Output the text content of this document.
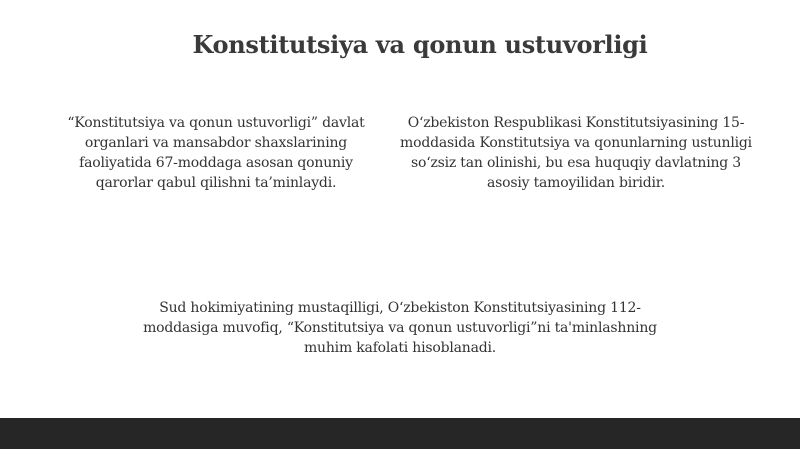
Konstitutsiya va qonun ustuvorligi
“Konstitutsiya va qonun ustuvorligi” davlat organlari va mansabdor shaxslarining faoliyatida 67-moddaga asosan qonuniy qarorlar qabul qilishni ta’minlaydi.
O‘zbekiston Respublikasi Konstitutsiyasining 15-moddasida Konstitutsiya va qonunlarning ustunligi so‘zsiz tan olinishi, bu esa huquqiy davlatning 3 asosiy tamoyilidan biridir.
Sud hokimiyatining mustaqilligi, O‘zbekiston Konstitutsiyasining 112-moddasiga muvofiq, “Konstitutsiya va qonun ustuvorligi”ni ta'minlashning muhim kafolati hisoblanadi.
